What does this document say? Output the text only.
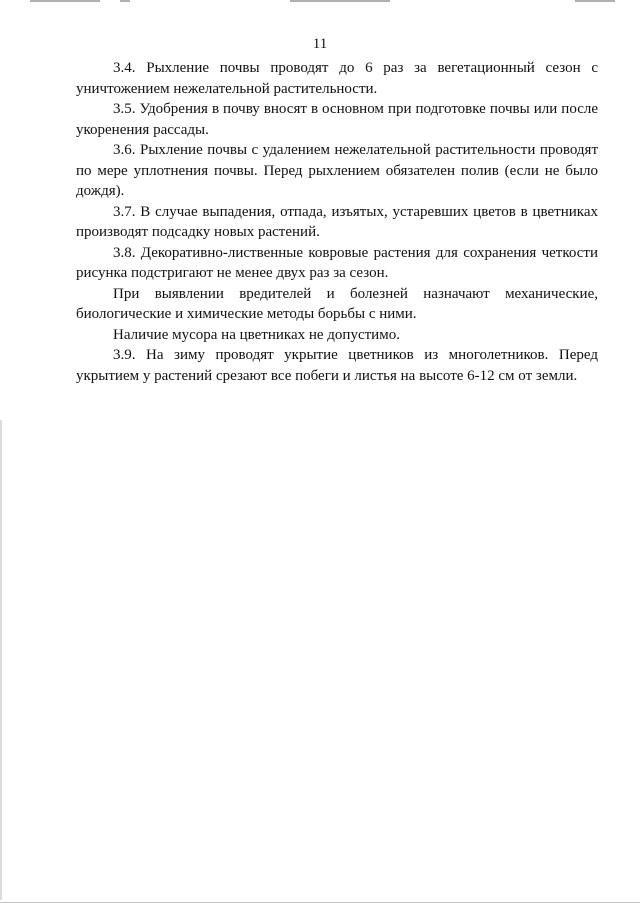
11

3.4. Рыхление почвы проводят до 6 раз за вегетационный сезон с уничтожением нежелательной растительности.

3.5. Удобрения в почву вносят в основном при подготовке почвы или после укоренения рассады.

3.6. Рыхление почвы с удалением нежелательной растительности проводят по мере уплотнения почвы. Перед рыхлением обязателен полив (если не было дождя).

3.7. В случае выпадения, отпада, изъятых, устаревших цветов в цветниках производят подсадку новых растений.

3.8. Декоративно-лиственные ковровые растения для сохранения четкости рисунка подстригают не менее двух раз за сезон.

При выявлении вредителей и болезней назначают механические, биологические и химические методы борьбы с ними.

Наличие мусора на цветниках не допустимо.

3.9. На зиму проводят укрытие цветников из многолетников. Перед укрытием у растений срезают все побеги и листья на высоте 6-12 см от земли.
